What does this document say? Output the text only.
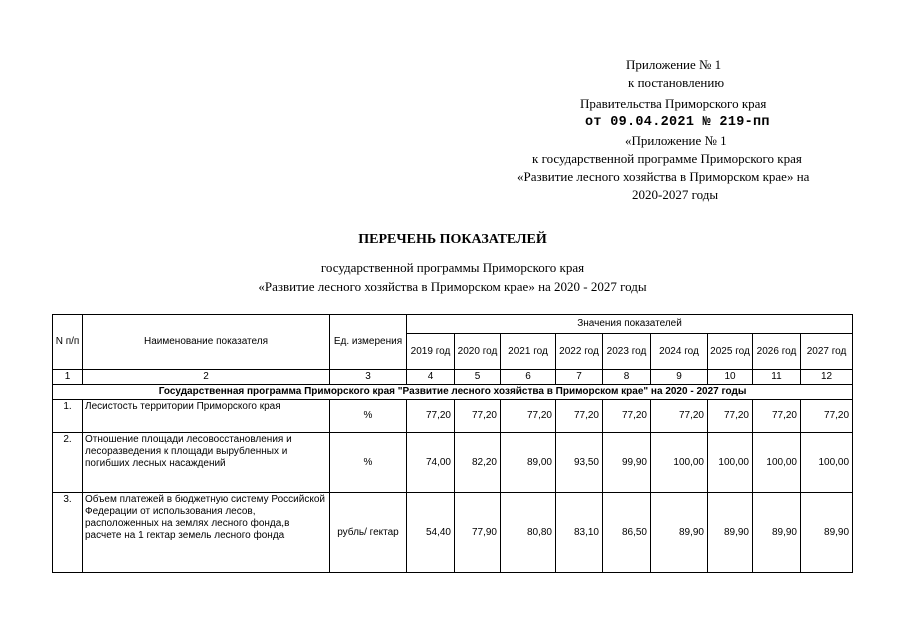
Приложение № 1
к постановлению
Правительства Приморского края
от 09.04.2021 № 219-пп
«Приложение № 1
к государственной программе Приморского края
«Развитие лесного хозяйства в Приморском крае» на
2020-2027 годы
ПЕРЕЧЕНЬ ПОКАЗАТЕЛЕЙ
государственной программы Приморского края
«Развитие лесного хозяйства в Приморском крае» на 2020 - 2027 годы
N п/п	Наименование показателя	Ед. измерения	Значения показателей								
			2019 год	2020 год	2021 год	2022 год	2023 год	2024 год	2025 год	2026 год	2027 год
1	2	3	4	5	6	7	8	9	10	11	12
Государственная программа Приморского края "Развитие лесного хозяйства в Приморском крае" на 2020 - 2027 годы											
1.	Лесистость территории Приморского края	%	77,20	77,20	77,20	77,20	77,20	77,20	77,20	77,20	77,20
2.	Отношение площади лесовосстановления и лесоразведения к площади вырубленных и погибших лесных насаждений	%	74,00	82,20	89,00	93,50	99,90	100,00	100,00	100,00	100,00
3.	Объем платежей в бюджетную систему Российской Федерации от использования лесов, расположенных на землях лесного фонда,в расчете на 1 гектар земель лесного фонда	рубль/ гектар	54,40	77,90	80,80	83,10	86,50	89,90	89,90	89,90	89,90
